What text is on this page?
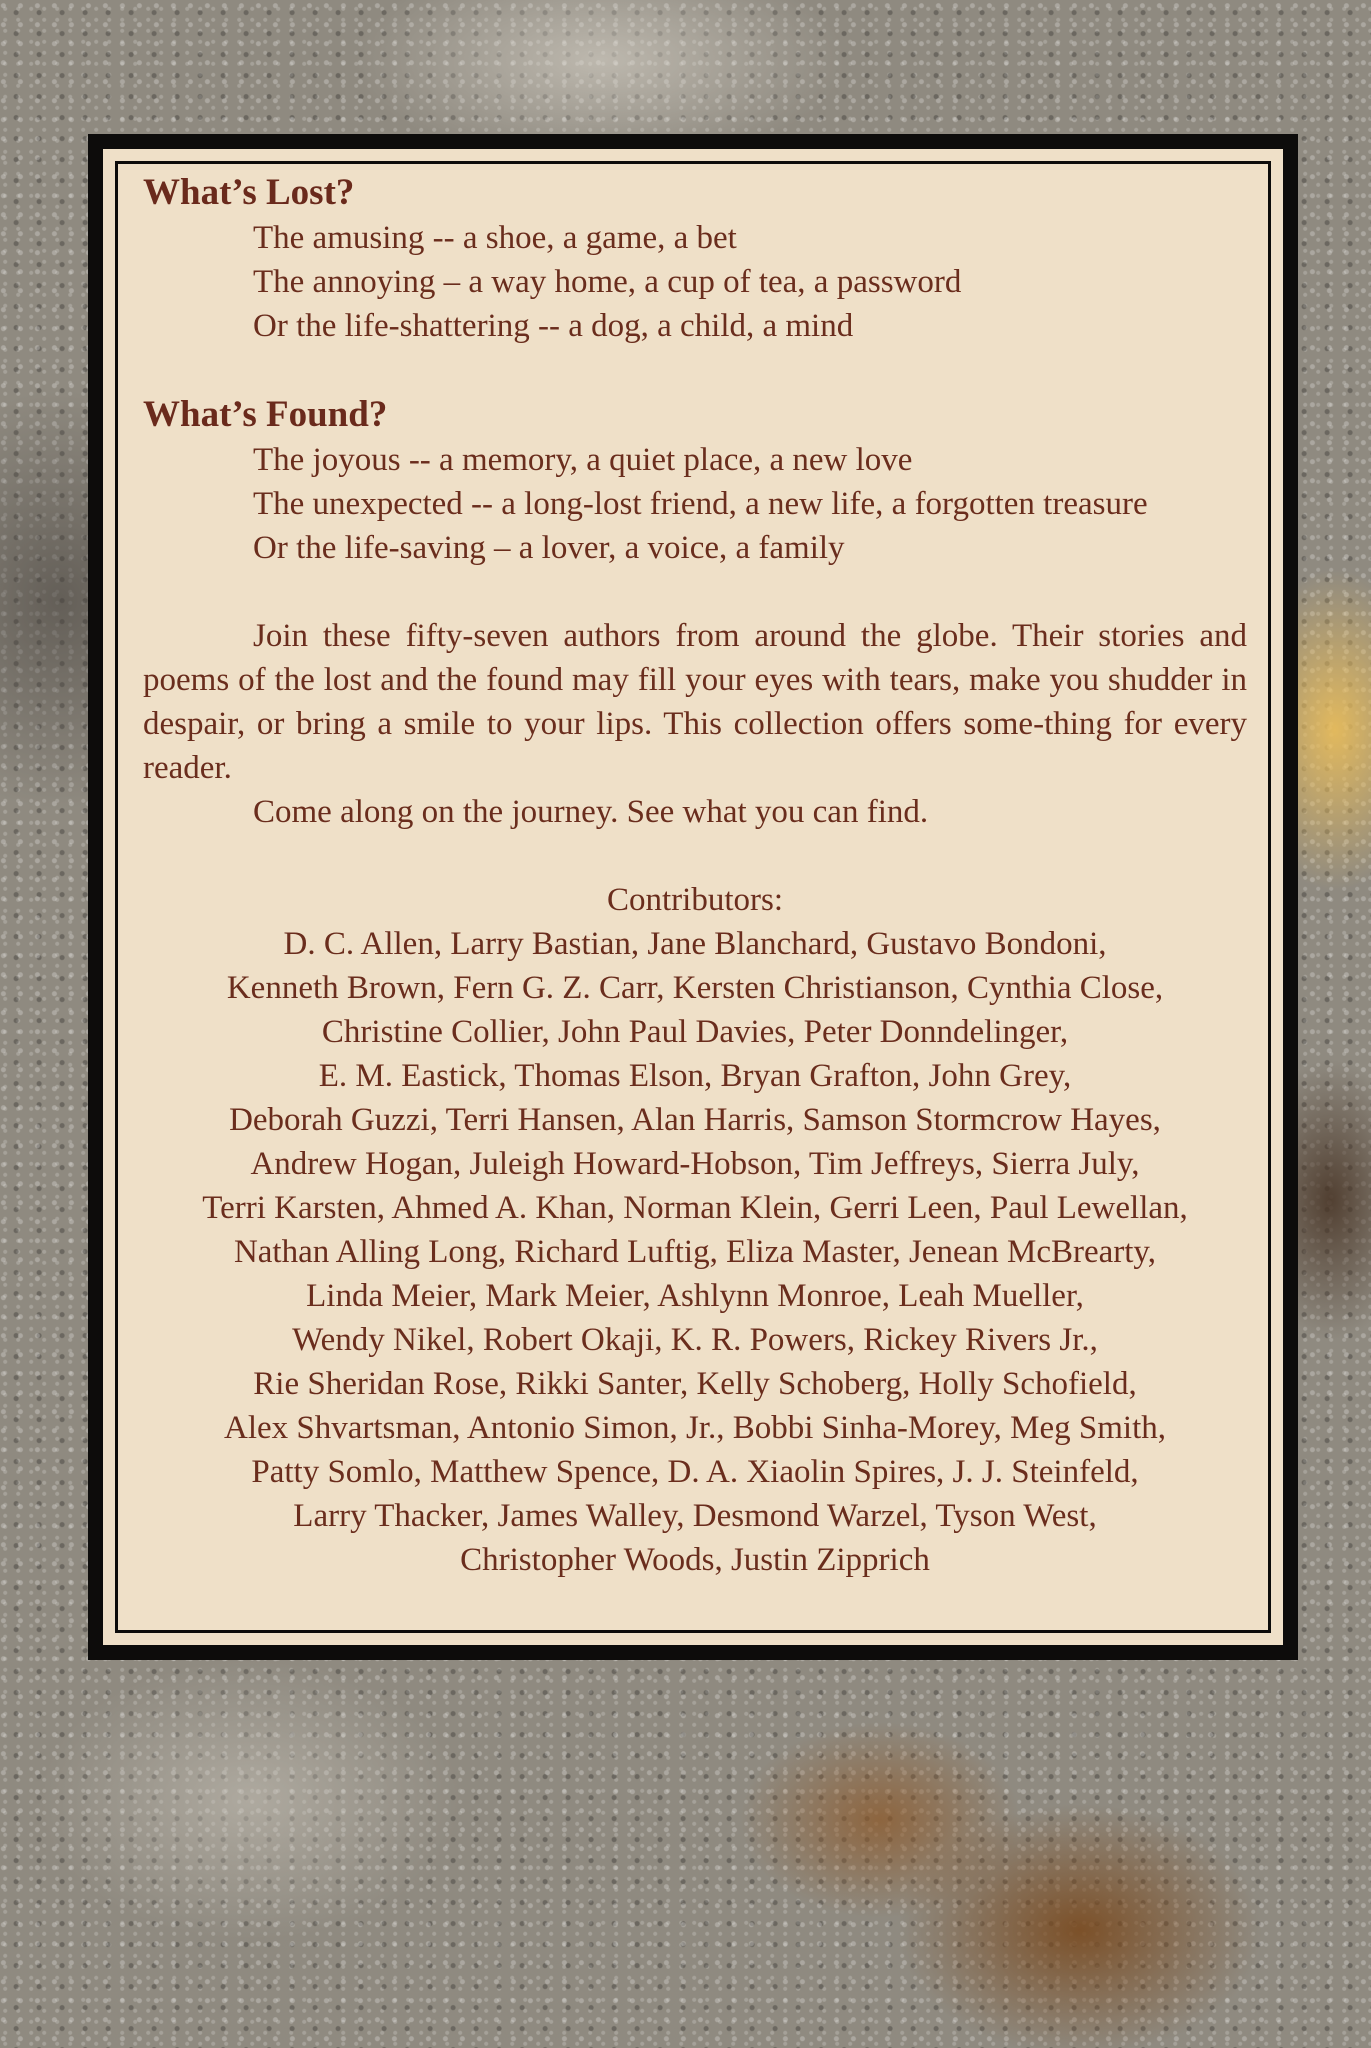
What’s Lost?
The amusing -- a shoe, a game, a bet
The annoying – a way home, a cup of tea, a password
Or the life-shattering -- a dog, a child, a mind
What’s Found?
The joyous -- a memory, a quiet place, a new love
The unexpected -- a long-lost friend, a new life, a forgotten treasure
Or the life-saving – a lover, a voice, a family

Join these fifty-seven authors from around the globe. Their stories and poems of the lost and the found may fill your eyes with tears, make you shudder in despair, or bring a smile to your lips. This collection offers some-thing for every reader.

Come along on the journey. See what you can find.

Contributors:
D. C. Allen, Larry Bastian, Jane Blanchard, Gustavo Bondoni,
Kenneth Brown, Fern G. Z. Carr, Kersten Christianson, Cynthia Close,
Christine Collier, John Paul Davies, Peter Donndelinger,
E. M. Eastick, Thomas Elson, Bryan Grafton, John Grey,
Deborah Guzzi, Terri Hansen, Alan Harris, Samson Stormcrow Hayes,
Andrew Hogan, Juleigh Howard-Hobson, Tim Jeffreys, Sierra July,
Terri Karsten, Ahmed A. Khan, Norman Klein, Gerri Leen, Paul Lewellan,
Nathan Alling Long, Richard Luftig, Eliza Master, Jenean McBrearty,
Linda Meier, Mark Meier, Ashlynn Monroe, Leah Mueller,
Wendy Nikel, Robert Okaji, K. R. Powers, Rickey Rivers Jr.,
Rie Sheridan Rose, Rikki Santer, Kelly Schoberg, Holly Schofield,
Alex Shvartsman, Antonio Simon, Jr., Bobbi Sinha-Morey, Meg Smith,
Patty Somlo, Matthew Spence, D. A. Xiaolin Spires, J. J. Steinfeld,
Larry Thacker, James Walley, Desmond Warzel, Tyson West,
Christopher Woods, Justin Zipprich
